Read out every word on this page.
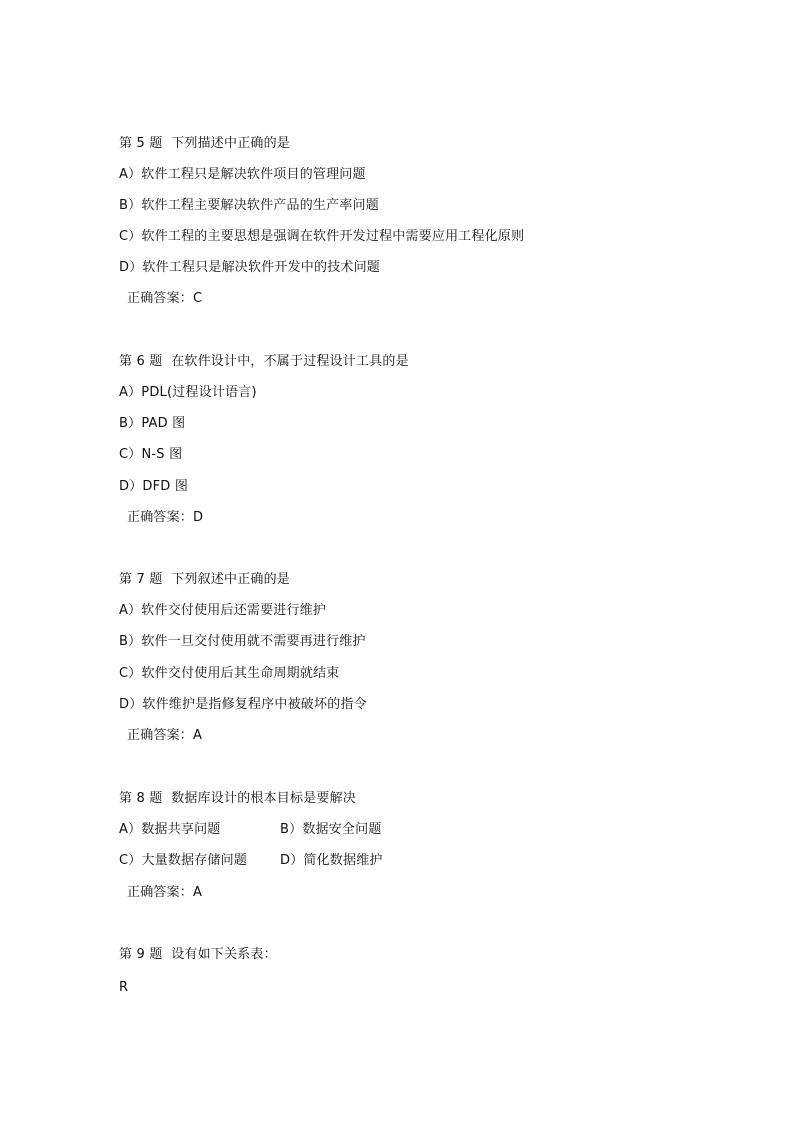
第 5 题  下列描述中正确的是
A）软件工程只是解决软件项目的管理问题
B）软件工程主要解决软件产品的生产率问题
C）软件工程的主要思想是强调在软件开发过程中需要应用工程化原则
D）软件工程只是解决软件开发中的技术问题
正确答案：C
第 6 题  在软件设计中，不属于过程设计工具的是
A）PDL(过程设计语言)
B）PAD 图
C）N-S 图
D）DFD 图
正确答案：D
第 7 题  下列叙述中正确的是
A）软件交付使用后还需要进行维护
B）软件一旦交付使用就不需要再进行维护
C）软件交付使用后其生命周期就结束
D）软件维护是指修复程序中被破坏的指令
正确答案：A
第 8 题  数据库设计的根本目标是要解决
A）数据共享问题	B）数据安全问题
C）大量数据存储问题	D）简化数据维护
正确答案：A
第 9 题  设有如下关系表：
R
